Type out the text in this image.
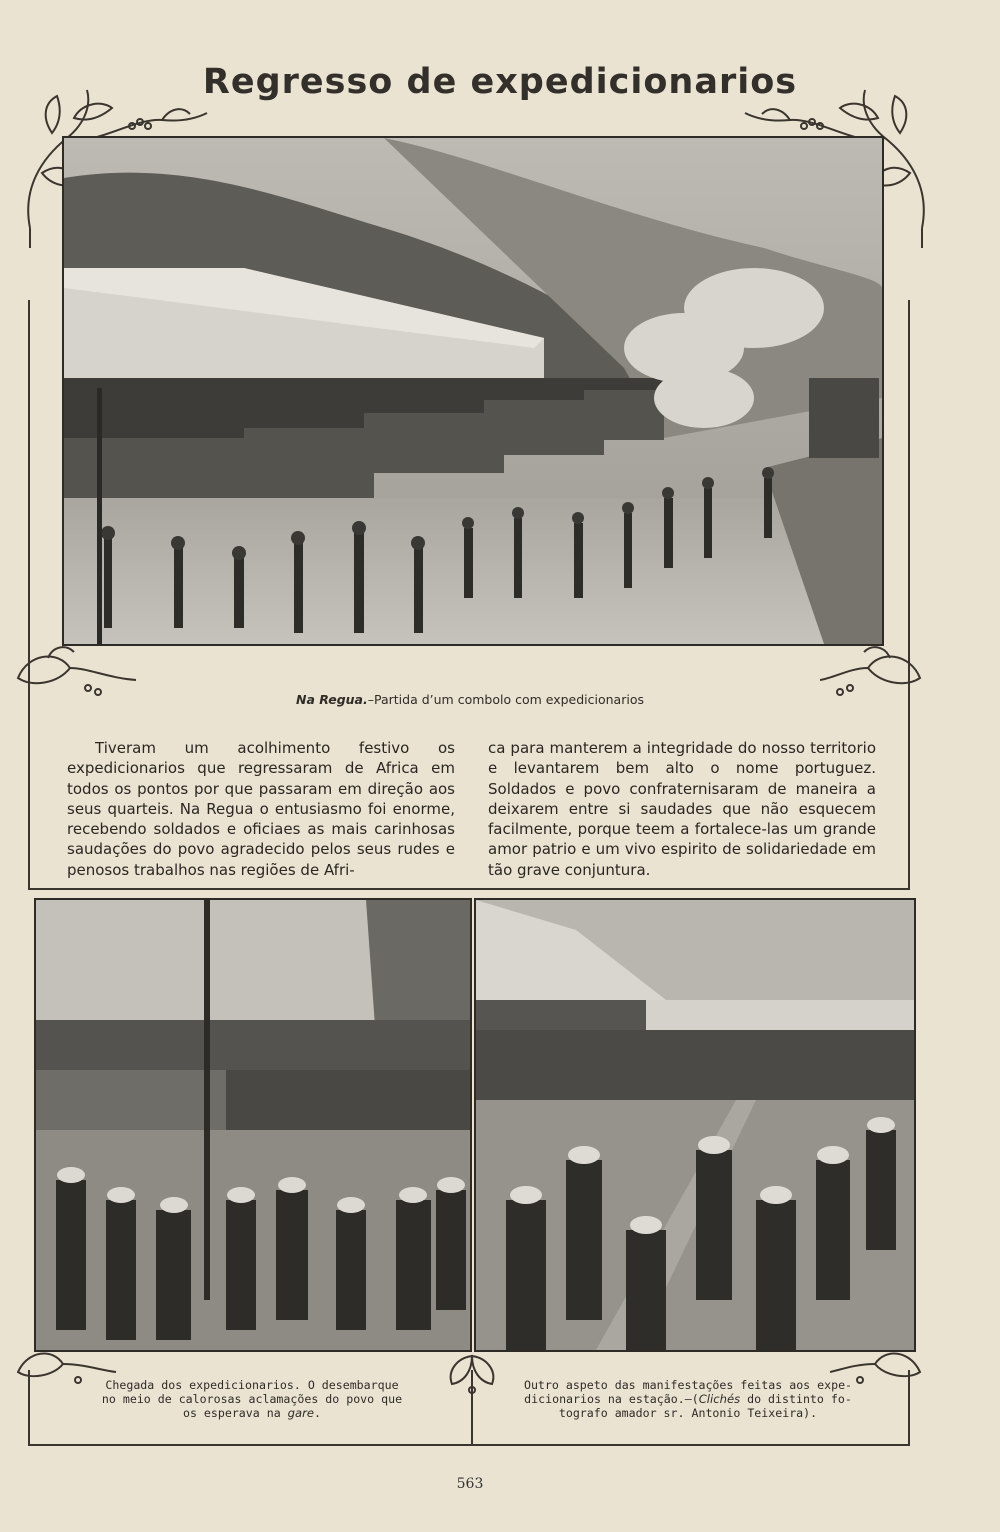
Regresso de expedicionarios
Na Regua.–Partida d’um combolo com expedicionarios

Tiveram um acolhimento festivo os expedicionarios que regressaram de Africa em todos os pontos por que passaram em direção aos seus quarteis. Na Regua o entusiasmo foi enorme, recebendo soldados e oficiaes as mais carinhosas saudações do povo agradecido pelos seus rudes e penosos trabalhos nas regiões de Afri-

ca para manterem a integridade do nosso territorio e levantarem bem alto o nome portuguez. Soldados e povo confraternisaram de maneira a deixarem entre si saudades que não esquecem facilmente, porque teem a fortalece-las um grande amor patrio e um vivo espirito de solidariedade em tão grave conjuntura.

Chegada dos expedicionarios. O desembarque
no meio de calorosas aclamações do povo que
os esperava na gare.
Outro aspeto das manifestações feitas aos expe-
dicionarios na estação.–(Clichés do distinto fo-
tografo amador sr. Antonio Teixeira).
563
